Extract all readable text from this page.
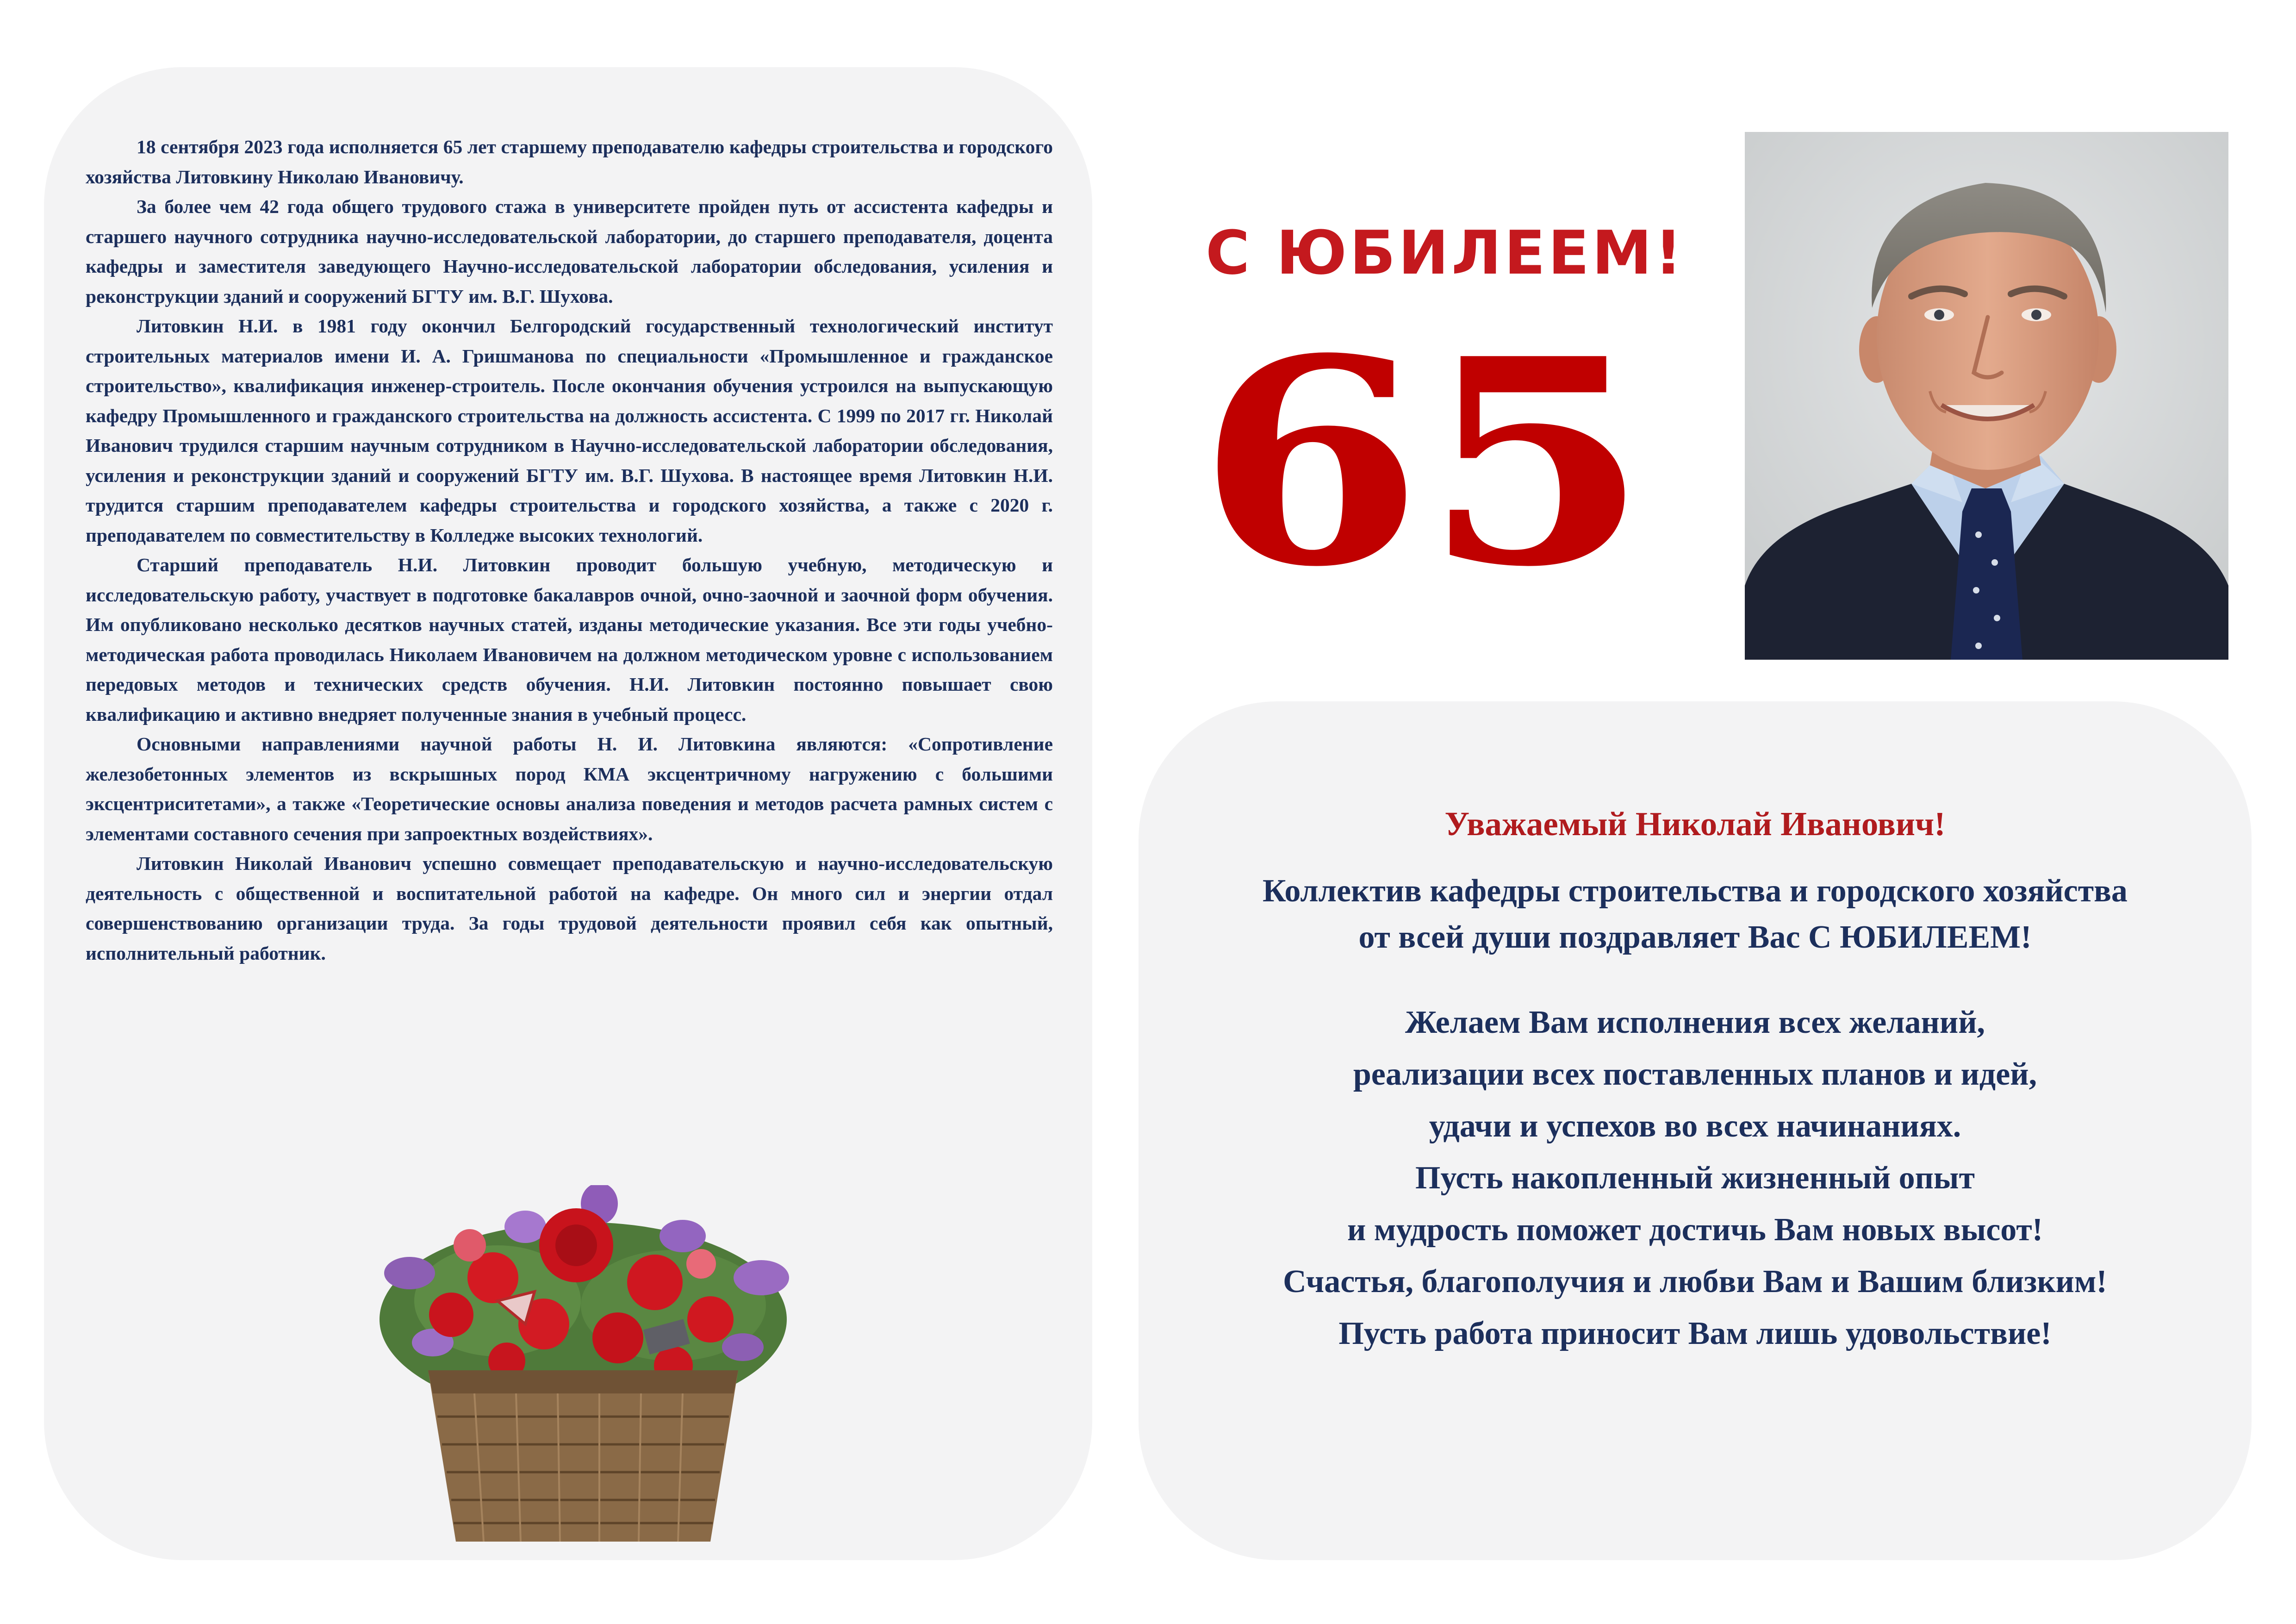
18 сентября 2023 года исполняется 65 лет старшему преподавателю кафедры строительства и городского хозяйства Литовкину Николаю Ивановичу.

За более чем 42 года общего трудового стажа в университете пройден путь от ассистента кафедры и старшего научного сотрудника научно-исследовательской лаборатории, до старшего преподавателя, доцента кафедры и заместителя заведующего Научно-исследовательской лаборатории обследования, усиления и реконструкции зданий и сооружений БГТУ им. В.Г. Шухова.

Литовкин Н.И. в 1981 году окончил Белгородский государственный технологический институт строительных материалов имени И. А. Гришманова по специальности «Промышленное и гражданское строительство», квалификация инженер-строитель. После окончания обучения устроился на выпускающую кафедру Промышленного и гражданского строительства на должность ассистента. С 1999 по 2017 гг. Николай Иванович трудился старшим научным сотрудником в Научно-исследовательской лаборатории обследования, усиления и реконструкции зданий и сооружений БГТУ им. В.Г. Шухова. В настоящее время Литовкин Н.И. трудится старшим преподавателем кафедры строительства и городского хозяйства, а также с 2020 г. преподавателем по совместительству в Колледже высоких технологий.

Старший преподаватель Н.И. Литовкин проводит большую учебную, методическую и исследовательскую работу, участвует в подготовке бакалавров очной, очно-заочной и заочной форм обучения. Им опубликовано несколько десятков научных статей, изданы методические указания. Все эти годы учебно-методическая работа проводилась Николаем Ивановичем на должном методическом уровне с использованием передовых методов и технических средств обучения. Н.И. Литовкин постоянно повышает свою квалификацию и активно внедряет полученные знания в учебный процесс.

Основными направлениями научной работы Н. И. Литовкина являются: «Сопротивление железобетонных элементов из вскрышных пород КМА эксцентричному нагружению с большими эксцентриситетами», а также «Теоретические основы анализа поведения и методов расчета рамных систем с элементами составного сечения при запроектных воздействиях».

Литовкин Николай Иванович успешно совмещает преподавательскую и научно-исследовательскую деятельность с общественной и воспитательной работой на кафедре. Он много сил и энергии отдал совершенствованию организации труда. За годы трудовой деятельности проявил себя как опытный, исполнительный работник.

С ЮБИЛЕЕМ!
65

Уважаемый Николай Иванович!

Коллектив кафедры строительства и городского хозяйства
от всей души поздравляет Вас С ЮБИЛЕЕМ!
Желаем Вам исполнения всех желаний,
реализации всех поставленных планов и идей,
удачи и успехов во всех начинаниях.
Пусть накопленный жизненный опыт
и мудрость поможет достичь Вам новых высот!
Счастья, благополучия и любви Вам и Вашим близким!
Пусть работа приносит Вам лишь удовольствие!
